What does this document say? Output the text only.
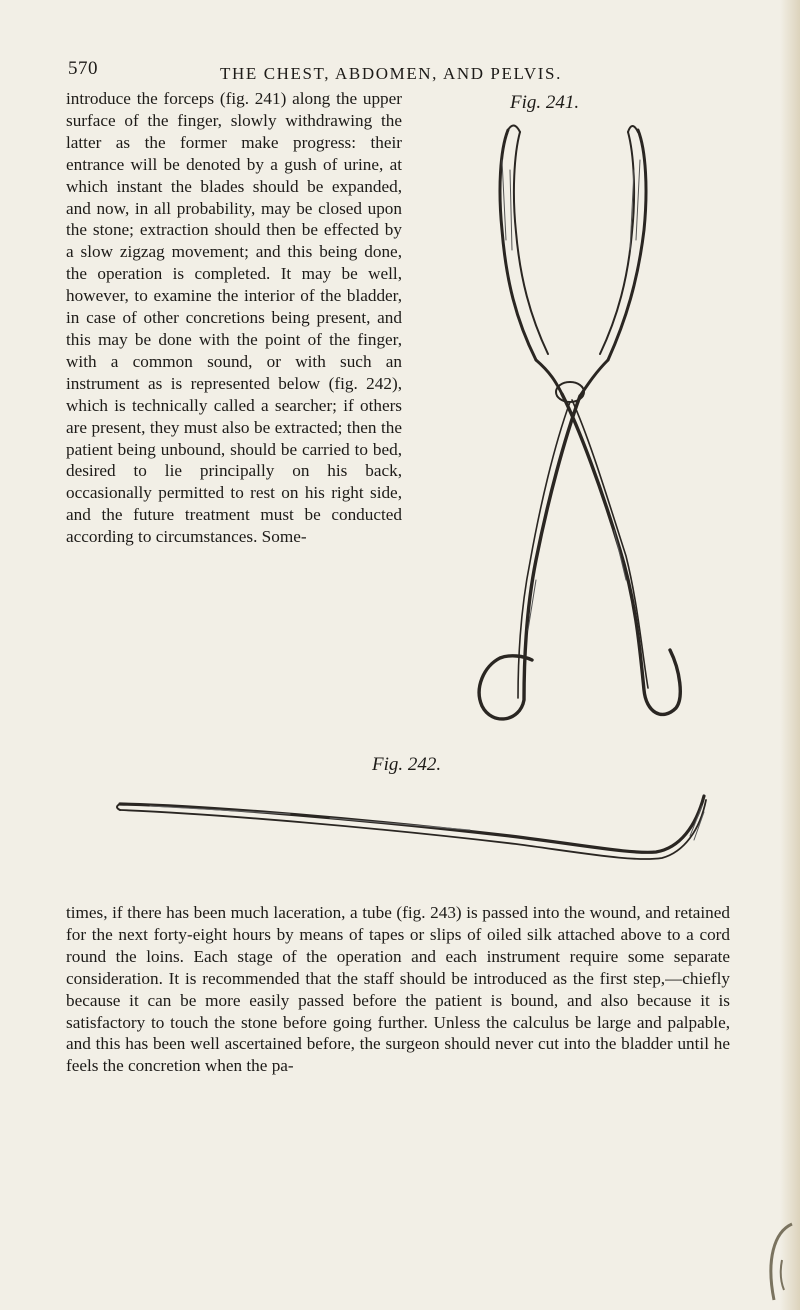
570	THE CHEST, ABDOMEN, AND PELVIS.
introduce the forceps (fig. 241) along the upper surface of the finger, slowly withdrawing the latter as the former make progress: their entrance will be denoted by a gush of urine, at which instant the blades should be expanded, and now, in all probability, may be closed upon the stone; extraction should then be effected by a slow zigzag movement; and this being done, the operation is completed. It may be well, however, to examine the interior of the bladder, in case of other concretions being present, and this may be done with the point of the finger, with a common sound, or with such an instrument as is represented below (fig. 242), which is technically called a searcher; if others are present, they must also be extracted; then the patient being unbound, should be carried to bed, desired to lie principally on his back, occasionally permitted to rest on his right side, and the future treatment must be conducted according to circumstances. Some-
Fig. 241.
Fig. 242.
times, if there has been much laceration, a tube (fig. 243) is passed into the wound, and retained for the next forty-eight hours by means of tapes or slips of oiled silk attached above to a cord round the loins. Each stage of the operation and each instrument require some separate consideration. It is recommended that the staff should be introduced as the first step,—chiefly because it can be more easily passed before the patient is bound, and also because it is satisfactory to touch the stone before going further. Unless the calculus be large and palpable, and this has been well ascertained before, the surgeon should never cut into the bladder until he feels the concretion when the pa-
